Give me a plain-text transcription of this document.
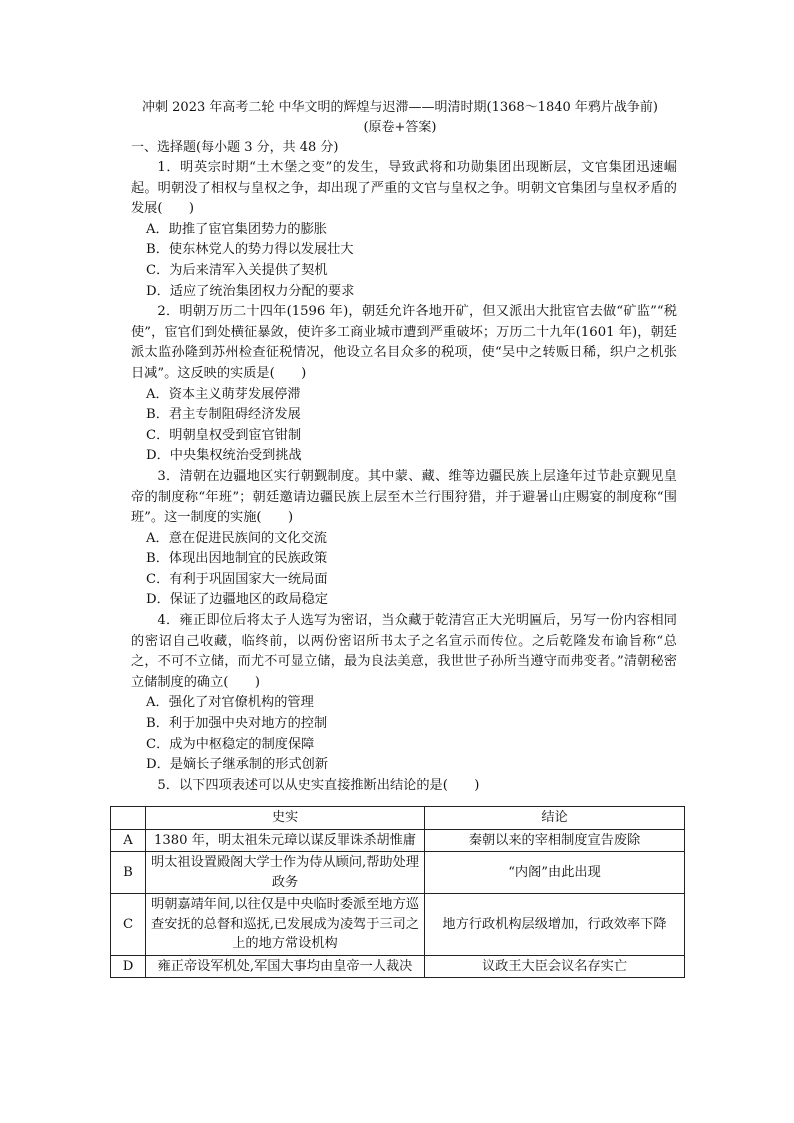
冲刺 2023 年高考二轮 中华文明的辉煌与迟滞——明清时期(1368～1840 年鸦片战争前)
(原卷+答案)
一、选择题(每小题 3 分，共 48 分)

1．明英宗时期“土木堡之变”的发生，导致武将和功勋集团出现断层，文官集团迅速崛起。明朝没了相权与皇权之争，却出现了严重的文官与皇权之争。明朝文官集团与皇权矛盾的发展(　　)

A．助推了宦官集团势力的膨胀

B．使东林党人的势力得以发展壮大

C．为后来清军入关提供了契机

D．适应了统治集团权力分配的要求

2．明朝万历二十四年(1596 年)，朝廷允许各地开矿，但又派出大批宦官去做“矿监”“税使”，宦官们到处横征暴敛，使许多工商业城市遭到严重破坏；万历二十九年(1601 年)，朝廷派太监孙隆到苏州检查征税情况，他设立名目众多的税项，使“吴中之转贩日稀，织户之机张日减”。这反映的实质是(　　)

A．资本主义萌芽发展停滞

B．君主专制阻碍经济发展

C．明朝皇权受到宦官钳制

D．中央集权统治受到挑战

3．清朝在边疆地区实行朝觐制度。其中蒙、藏、维等边疆民族上层逢年过节赴京觐见皇帝的制度称“年班”；朝廷邀请边疆民族上层至木兰行围狩猎，并于避暑山庄赐宴的制度称“围班”。这一制度的实施(　　)

A．意在促进民族间的文化交流

B．体现出因地制宜的民族政策

C．有利于巩固国家大一统局面

D．保证了边疆地区的政局稳定

4．雍正即位后将太子人选写为密诏，当众藏于乾清宫正大光明匾后，另写一份内容相同的密诏自己收藏，临终前，以两份密诏所书太子之名宣示而传位。之后乾隆发布谕旨称“总之，不可不立储，而尤不可显立储，最为良法美意，我世世子孙所当遵守而弗变者。”清朝秘密立储制度的确立(　　)

A．强化了对官僚机构的管理

B．利于加强中央对地方的控制

C．成为中枢稳定的制度保障

D．是嫡长子继承制的形式创新

5．以下四项表述可以从史实直接推断出结论的是(　　)

	史实	结论
A	1380 年，明太祖朱元璋以谋反罪诛杀胡惟庸	秦朝以来的宰相制度宣告废除
B	明太祖设置殿阁大学士作为侍从顾问,帮助处理政务	“内阁”由此出现
C	明朝嘉靖年间,以往仅是中央临时委派至地方巡查安抚的总督和巡抚,已发展成为凌驾于三司之上的地方常设机构	地方行政机构层级增加，行政效率下降
D	雍正帝设军机处,军国大事均由皇帝一人裁决	议政王大臣会议名存实亡
